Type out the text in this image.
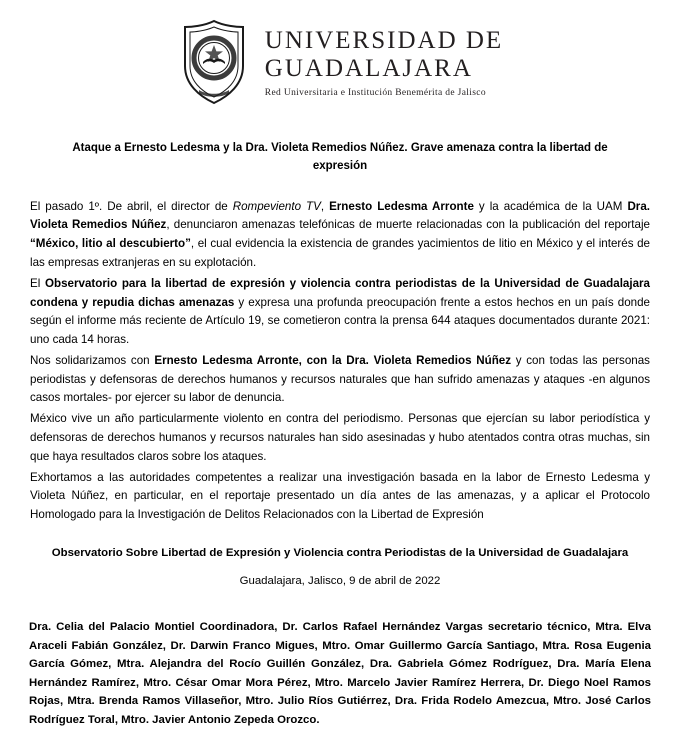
UNIVERSIDAD DE
GUADALAJARA
Red Universitaria e Institución Benemérita de Jalisco
Ataque a Ernesto Ledesma y la Dra. Violeta Remedios Núñez. Grave amenaza contra la libertad de expresión

El pasado 1º. De abril, el director de Rompeviento TV, Ernesto Ledesma Arronte y la académica de la UAM Dra. Violeta Remedios Núñez, denunciaron amenazas telefónicas de muerte relacionadas con la publicación del reportaje “México, litio al descubierto”, el cual evidencia la existencia de grandes yacimientos de litio en México y el interés de las empresas extranjeras en su explotación.

El Observatorio para la libertad de expresión y violencia contra periodistas de la Universidad de Guadalajara condena y repudia dichas amenazas y expresa una profunda preocupación frente a estos hechos en un país donde según el informe más reciente de Artículo 19, se cometieron contra la prensa 644 ataques documentados durante 2021: uno cada 14 horas.

Nos solidarizamos con Ernesto Ledesma Arronte, con la Dra. Violeta Remedios Núñez y con todas las personas periodistas y defensoras de derechos humanos y recursos naturales que han sufrido amenazas y ataques -en algunos casos mortales- por ejercer su labor de denuncia.

México vive un año particularmente violento en contra del periodismo. Personas que ejercían su labor periodística y defensoras de derechos humanos y recursos naturales han sido asesinadas y hubo atentados contra otras muchas, sin que haya resultados claros sobre los ataques.

Exhortamos a las autoridades competentes a realizar una investigación basada en la labor de Ernesto Ledesma y Violeta Núñez, en particular, en el reportaje presentado un día antes de las amenazas, y a aplicar el Protocolo Homologado para la Investigación de Delitos Relacionados con la Libertad de Expresión

Observatorio Sobre Libertad de Expresión y Violencia contra Periodistas de la Universidad de Guadalajara
Guadalajara, Jalisco, 9 de abril de 2022
Dra. Celia del Palacio Montiel Coordinadora, Dr. Carlos Rafael Hernández Vargas secretario técnico, Mtra. Elva Araceli Fabián González, Dr. Darwin Franco Migues, Mtro. Omar Guillermo García Santiago, Mtra. Rosa Eugenia García Gómez, Mtra. Alejandra del Rocío Guillén González, Dra. Gabriela Gómez Rodríguez, Dra. María Elena Hernández Ramírez, Mtro. César Omar Mora Pérez, Mtro. Marcelo Javier Ramírez Herrera, Dr. Diego Noel Ramos Rojas, Mtra. Brenda Ramos Villaseñor, Mtro. Julio Ríos Gutiérrez, Dra. Frida Rodelo Amezcua, Mtro. José Carlos Rodríguez Toral, Mtro. Javier Antonio Zepeda Orozco.
